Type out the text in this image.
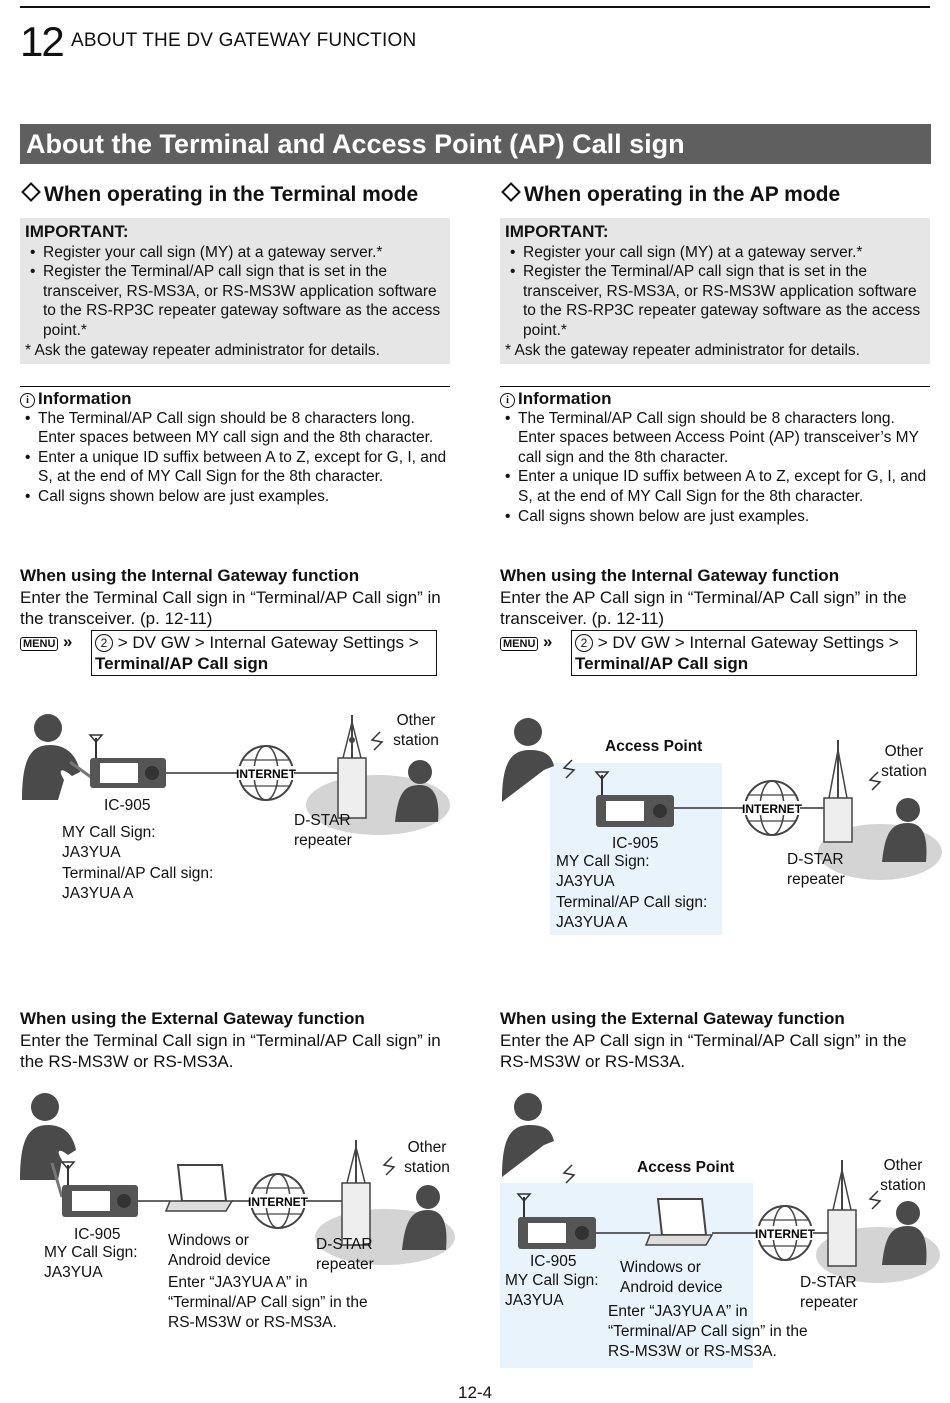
12 ABOUT THE DV GATEWAY FUNCTION
About the Terminal and Access Point (AP) Call sign
When operating in the Terminal mode
IMPORTANT:
• Register your call sign (MY) at a gateway server.*
• Register the Terminal/AP call sign that is set in the transceiver, RS-MS3A, or RS-MS3W application software to the RS-RP3C repeater gateway software as the access point.*
* Ask the gateway repeater administrator for details.
i Information
• The Terminal/AP Call sign should be 8 characters long. Enter spaces between MY call sign and the 8th character.
• Enter a unique ID suffix between A to Z, except for G, I, and S, at the end of MY Call Sign for the 8th character.
• Call signs shown below are just examples.
When using the Internal Gateway function
Enter the Terminal Call sign in “Terminal/AP Call sign” in the transceiver. (p. 12-11)
MENU »	2 > DV GW > Internal Gateway Settings >
Terminal/AP Call sign
INTERNET
Other station
IC-905
D-STAR repeater
MY Call Sign:
JA3YUA
Terminal/AP Call sign:
JA3YUA A
When using the External Gateway function
Enter the Terminal Call sign in “Terminal/AP Call sign” in the RS-MS3W or RS-MS3A.
INTERNET
Other station
IC-905
MY Call Sign:
JA3YUA
Windows or Android device
D-STAR repeater
Enter “JA3YUA A” in “Terminal/AP Call sign” in the RS-MS3W or RS-MS3A.
When operating in the AP mode
IMPORTANT:
• Register your call sign (MY) at a gateway server.*
• Register the Terminal/AP call sign that is set in the transceiver, RS-MS3A, or RS-MS3W application software to the RS-RP3C repeater gateway software as the access point.*
* Ask the gateway repeater administrator for details.
i Information
• The Terminal/AP Call sign should be 8 characters long. Enter spaces between Access Point (AP) transceiver’s MY call sign and the 8th character.
• Enter a unique ID suffix between A to Z, except for G, I, and S, at the end of MY Call Sign for the 8th character.
• Call signs shown below are just examples.
When using the Internal Gateway function
Enter the AP Call sign in “Terminal/AP Call sign” in the transceiver. (p. 12-11)
MENU »	2 > DV GW > Internal Gateway Settings >
Terminal/AP Call sign
INTERNET
Access Point	Other station
IC-905
MY Call Sign:
JA3YUA
Terminal/AP Call sign:
JA3YUA A
D-STAR repeater
When using the External Gateway function
Enter the AP Call sign in “Terminal/AP Call sign” in the RS-MS3W or RS-MS3A.
INTERNET
Access Point	Other station
IC-905
MY Call Sign:
JA3YUA
Windows or Android device	D-STAR repeater
Enter “JA3YUA A” in “Terminal/AP Call sign” in the RS-MS3W or RS-MS3A.
12-4
